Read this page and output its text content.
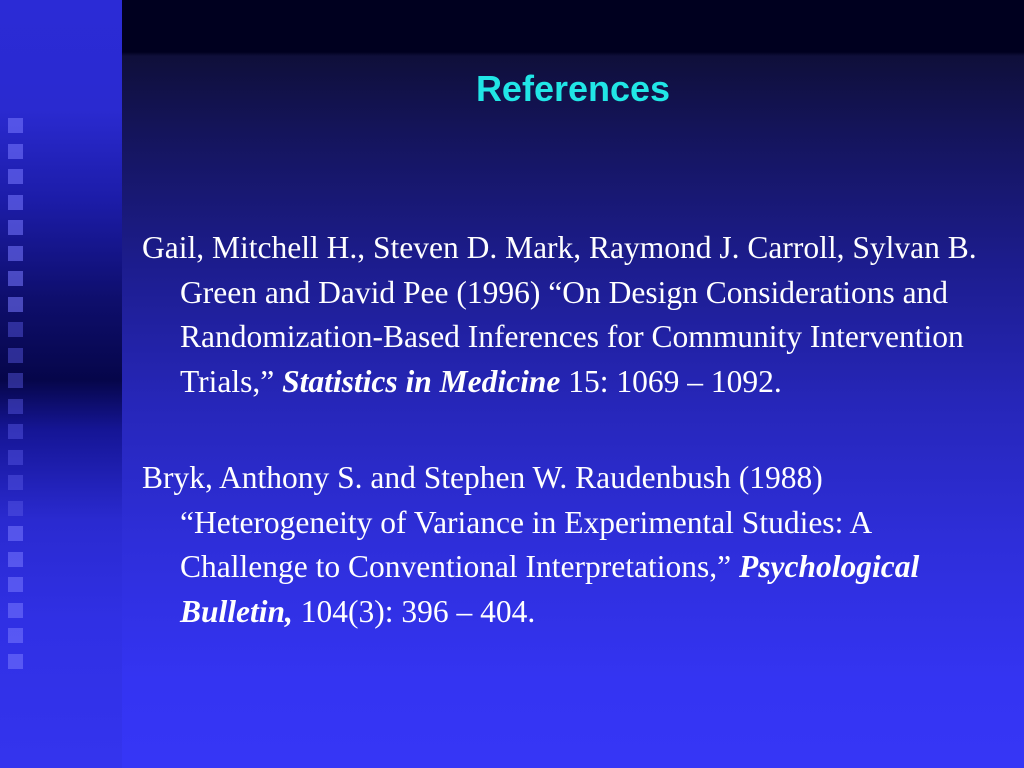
References

Gail, Mitchell H., Steven D. Mark, Raymond J. Carroll, Sylvan B. Green and David Pee (1996) “On Design Considerations and Randomization-Based Inferences for Community Intervention Trials,” Statistics in Medicine 15: 1069 – 1092.

Bryk, Anthony S. and Stephen W. Raudenbush (1988) “Heterogeneity of Variance in Experimental Studies: A Challenge to Conventional Interpretations,” Psychological Bulletin, 104(3): 396 – 404.
